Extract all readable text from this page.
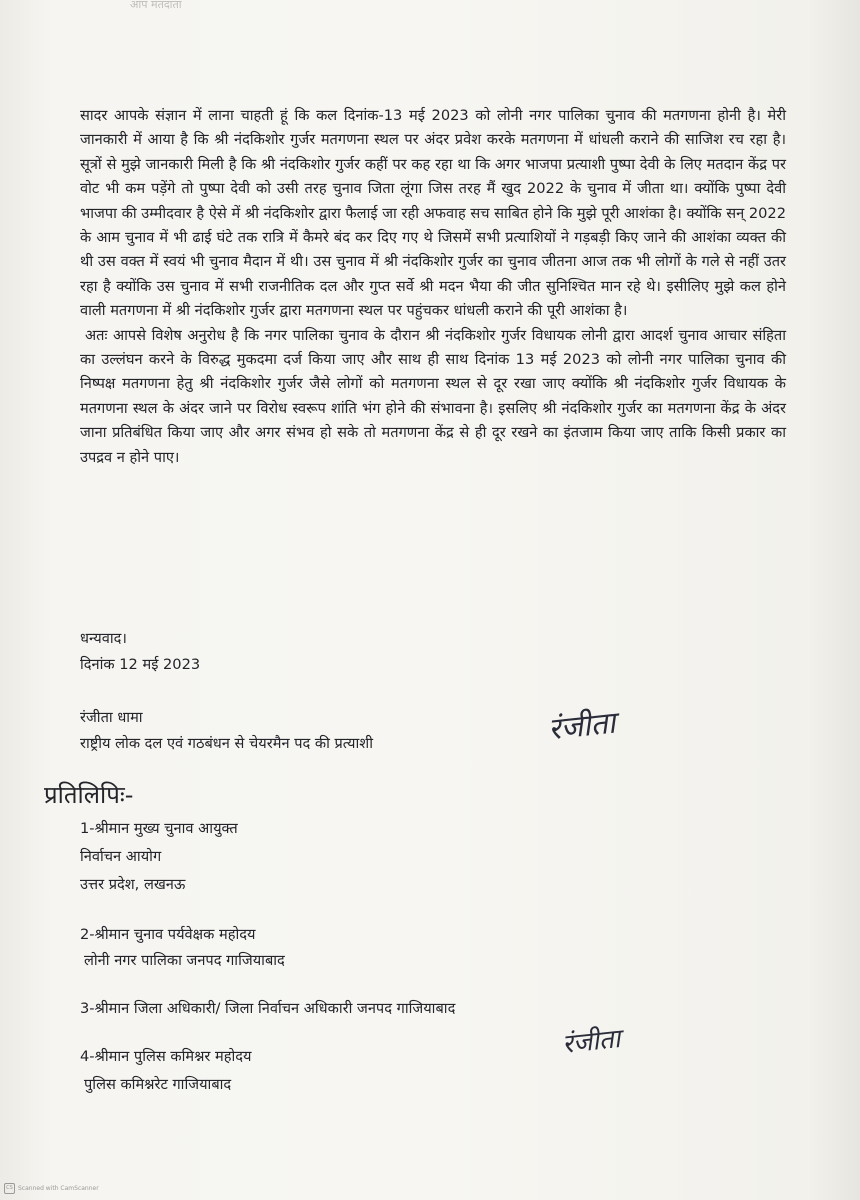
आप मतदाता

सादर आपके संज्ञान में लाना चाहती हूं कि कल दिनांक-13 मई 2023 को लोनी नगर पालिका चुनाव की मतगणना होनी है। मेरी जानकारी में आया है कि श्री नंदकिशोर गुर्जर मतगणना स्थल पर अंदर प्रवेश करके मतगणना में धांधली कराने की साजिश रच रहा है। सूत्रों से मुझे जानकारी मिली है कि श्री नंदकिशोर गुर्जर कहीं पर कह रहा था कि अगर भाजपा प्रत्याशी पुष्पा देवी के लिए मतदान केंद्र पर वोट भी कम पड़ेंगे तो पुष्पा देवी को उसी तरह चुनाव जिता लूंगा जिस तरह मैं खुद 2022 के चुनाव में जीता था। क्योंकि पुष्पा देवी भाजपा की उम्मीदवार है ऐसे में श्री नंदकिशोर द्वारा फैलाई जा रही अफवाह सच साबित होने कि मुझे पूरी आशंका है। क्योंकि सन् 2022 के आम चुनाव में भी ढाई घंटे तक रात्रि में कैमरे बंद कर दिए गए थे जिसमें सभी प्रत्याशियों ने गड़बड़ी किए जाने की आशंका व्यक्त की थी उस वक्त में स्वयं भी चुनाव मैदान में थी। उस चुनाव में श्री नंदकिशोर गुर्जर का चुनाव जीतना आज तक भी लोगों के गले से नहीं उतर रहा है क्योंकि उस चुनाव में सभी राजनीतिक दल और गुप्त सर्वे श्री मदन भैया की जीत सुनिश्चित मान रहे थे। इसीलिए मुझे कल होने वाली मतगणना में श्री नंदकिशोर गुर्जर द्वारा मतगणना स्थल पर पहुंचकर धांधली कराने की पूरी आशंका है।

अतः आपसे विशेष अनुरोध है कि नगर पालिका चुनाव के दौरान श्री नंदकिशोर गुर्जर विधायक लोनी द्वारा आदर्श चुनाव आचार संहिता का उल्लंघन करने के विरुद्ध मुकदमा दर्ज किया जाए और साथ ही साथ दिनांक 13 मई 2023 को लोनी नगर पालिका चुनाव की निष्पक्ष मतगणना हेतु श्री नंदकिशोर गुर्जर जैसे लोगों को मतगणना स्थल से दूर रखा जाए क्योंकि श्री नंदकिशोर गुर्जर विधायक के मतगणना स्थल के अंदर जाने पर विरोध स्वरूप शांति भंग होने की संभावना है। इसलिए श्री नंदकिशोर गुर्जर का मतगणना केंद्र के अंदर जाना प्रतिबंधित किया जाए और अगर संभव हो सके तो मतगणना केंद्र से ही दूर रखने का इंतजाम किया जाए ताकि किसी प्रकार का उपद्रव न होने पाए।

धन्यवाद।
दिनांक 12 मई 2023
रंजीता धामा
राष्ट्रीय लोक दल एवं गठबंधन से चेयरमैन पद की प्रत्याशी	रंजीता
प्रतिलिपिः-
1-श्रीमान मुख्य चुनाव आयुक्त
निर्वाचन आयोग
उत्तर प्रदेश, लखनऊ
2-श्रीमान चुनाव पर्यवेक्षक महोदय
लोनी नगर पालिका जनपद गाजियाबाद
3-श्रीमान जिला अधिकारी/ जिला निर्वाचन अधिकारी जनपद गाजियाबाद
4-श्रीमान पुलिस कमिश्नर महोदय
पुलिस कमिश्नरेट गाजियाबाद
रंजीता
CS Scanned with CamScanner
